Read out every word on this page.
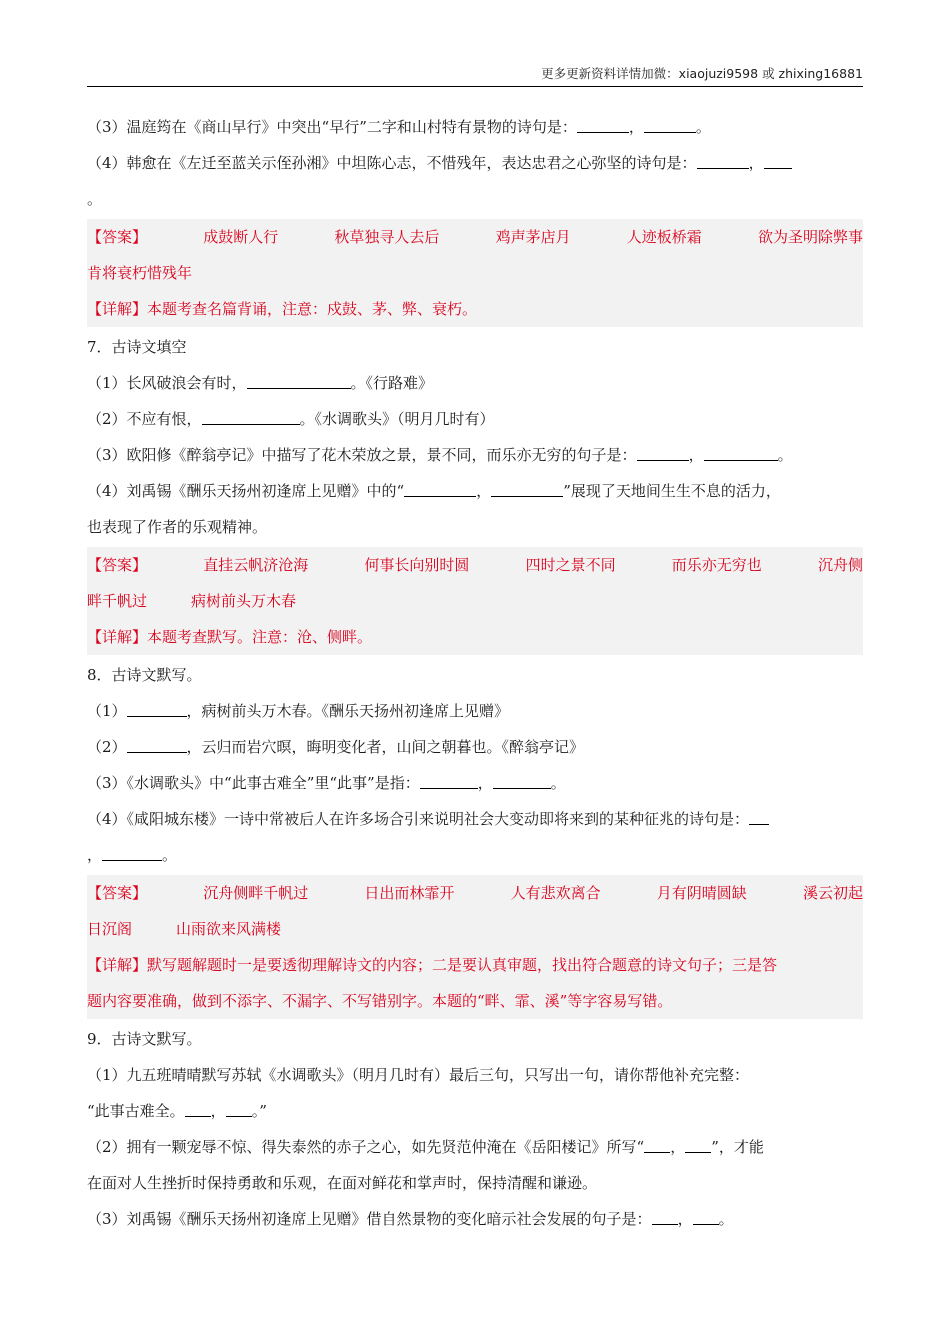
更多更新资料详情加微：xiaojuzi9598 或 zhixing16881
（3）温庭筠在《商山早行》中突出“早行”二字和山村特有景物的诗句是：	，	。
（4）韩愈在《左迁至蓝关示侄孙湘》中坦陈心志，不惜残年，表达忠君之心弥坚的诗句是：	，
。
【答案】	成鼓断人行	秋草独寻人去后	鸡声茅店月	人迹板桥霜	欲为圣明除弊事
肯将衰朽惜残年
【详解】本题考查名篇背诵，注意：戍鼓、茅、弊、衰朽。
7．古诗文填空
（1）长风破浪会有时，	。《行路难》
（2）不应有恨，	。《水调歌头》（明月几时有）
（3）欧阳修《醉翁亭记》中描写了花木荣放之景，景不同，而乐亦无穷的句子是：	，	。
（4）刘禹锡《酬乐天扬州初逢席上见赠》中的“	，	”展现了天地间生生不息的活力，
也表现了作者的乐观精神。
【答案】	直挂云帆济沧海	何事长向别时圆	四时之景不同	而乐亦无穷也	沉舟侧
畔千帆过	病树前头万木春
【详解】本题考查默写。注意：沧、侧畔。
8．古诗文默写。
（1）	，病树前头万木春。《酬乐天扬州初逢席上见赠》
（2）	，云归而岩穴暝，晦明变化者，山间之朝暮也。《醉翁亭记》
（3）《水调歌头》中“此事古难全”里“此事”是指：	，	。
（4）《咸阳城东楼》一诗中常被后人在许多场合引来说明社会大变动即将来到的某种征兆的诗句是：
，	。
【答案】	沉舟侧畔千帆过	日出而林霏开	人有悲欢离合	月有阴晴圆缺	溪云初起
日沉阁	山雨欲来风满楼
【详解】默写题解题时一是要透彻理解诗文的内容；二是要认真审题，找出符合题意的诗文句子；三是答
题内容要准确，做到不添字、不漏字、不写错别字。本题的“畔、霏、溪”等字容易写错。
9．古诗文默写。
（1）九五班晴晴默写苏轼《水调歌头》（明月几时有）最后三句，只写出一句，请你帮他补充完整：
“此事古难全。 ， 。”
（2）拥有一颗宠辱不惊、得失泰然的赤子之心，如先贤范仲淹在《岳阳楼记》所写“ ， ”，才能
在面对人生挫折时保持勇敢和乐观，在面对鲜花和掌声时，保持清醒和谦逊。
（3）刘禹锡《酬乐天扬州初逢席上见赠》借自然景物的变化暗示社会发展的句子是： ， 。
